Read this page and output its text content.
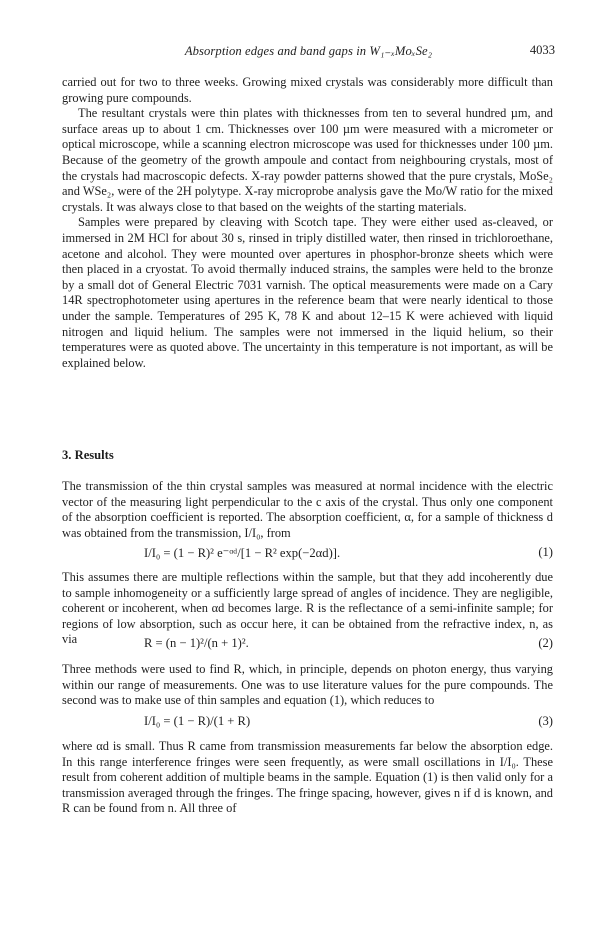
Absorption edges and band gaps in W₁₋ₓMoₓSe₂	4033

carried out for two to three weeks. Growing mixed crystals was considerably more difficult than growing pure compounds.

The resultant crystals were thin plates with thicknesses from ten to several hundred µm, and surface areas up to about 1 cm. Thicknesses over 100 µm were measured with a micrometer or optical microscope, while a scanning electron microscope was used for thicknesses under 100 µm. Because of the geometry of the growth ampoule and contact from neighbouring crystals, most of the crystals had macroscopic defects. X-ray powder patterns showed that the pure crystals, MoSe₂ and WSe₂, were of the 2H polytype. X-ray microprobe analysis gave the Mo/W ratio for the mixed crystals. It was always close to that based on the weights of the starting materials.

Samples were prepared by cleaving with Scotch tape. They were either used as-cleaved, or immersed in 2M HCl for about 30 s, rinsed in triply distilled water, then rinsed in trichloroethane, acetone and alcohol. They were mounted over apertures in phosphor-bronze sheets which were then placed in a cryostat. To avoid thermally induced strains, the samples were held to the bronze by a small dot of General Electric 7031 varnish. The optical measurements were made on a Cary 14R spectrophotometer using apertures in the reference beam that were nearly identical to those under the sample. Temperatures of 295 K, 78 K and about 12–15 K were achieved with liquid nitrogen and liquid helium. The samples were not immersed in the liquid helium, so their temperatures were as quoted above. The uncertainty in this temperature is not important, as will be explained below.

3. Results

The transmission of the thin crystal samples was measured at normal incidence with the electric vector of the measuring light perpendicular to the c axis of the crystal. Thus only one component of the absorption coefficient is reported. The absorption coefficient, α, for a sample of thickness d was obtained from the transmission, I/I₀, from

I/I₀ = (1 − R)² e⁻ᵅᵈ/[1 − R² exp(−2αd)].	(1)

This assumes there are multiple reflections within the sample, but that they add incoherently due to sample inhomogeneity or a sufficiently large spread of angles of incidence. They are negligible, coherent or incoherent, when αd becomes large. R is the reflectance of a semi-infinite sample; for regions of low absorption, such as occur here, it can be obtained from the refractive index, n, as via	R = (n − 1)²/(n + 1)².	(2)

Three methods were used to find R, which, in principle, depends on photon energy, thus varying within our range of measurements. One was to use literature values for the pure compounds. The second was to make use of thin samples and equation (1), which reduces to

I/I₀ = (1 − R)/(1 + R)	(3)

where αd is small. Thus R came from transmission measurements far below the absorption edge. In this range interference fringes were seen frequently, as were small oscillations in I/I₀. These result from coherent addition of multiple beams in the sample. Equation (1) is then valid only for a transmission averaged through the fringes. The fringe spacing, however, gives n if d is known, and R can be found from n. All three of
